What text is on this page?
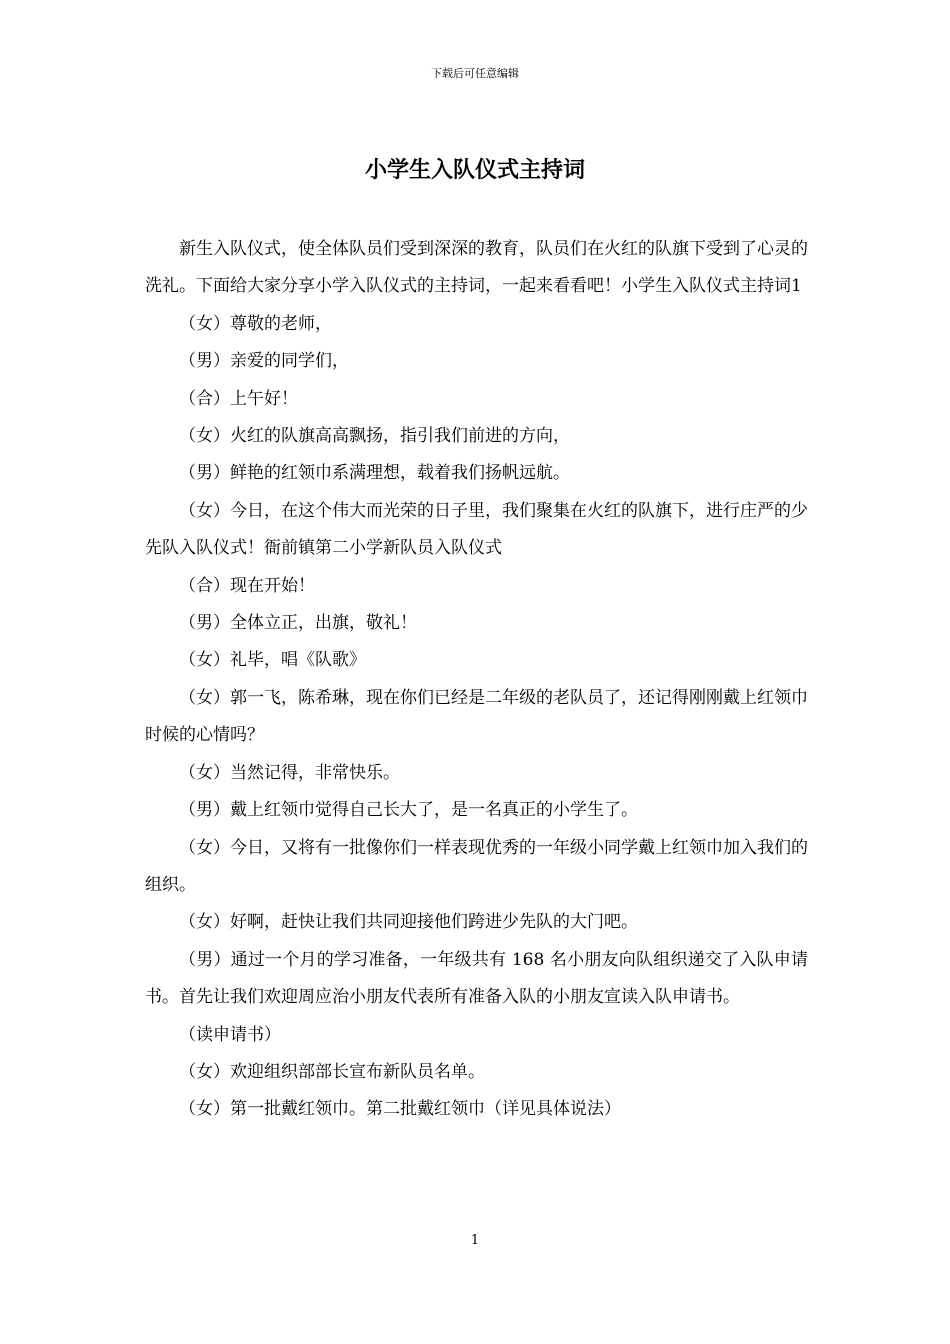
下载后可任意编辑
小学生入队仪式主持词

新生入队仪式，使全体队员们受到深深的教育，队员们在火红的队旗下受到了心灵的洗礼。下面给大家分享小学入队仪式的主持词，一起来看看吧！小学生入队仪式主持词1

（女）尊敬的老师，

（男）亲爱的同学们，

（合）上午好！

（女）火红的队旗高高飘扬，指引我们前进的方向，

（男）鲜艳的红领巾系满理想，载着我们扬帆远航。

（女）今日，在这个伟大而光荣的日子里，我们聚集在火红的队旗下，进行庄严的少先队入队仪式！衙前镇第二小学新队员入队仪式

（合）现在开始！

（男）全体立正，出旗，敬礼！

（女）礼毕，唱《队歌》

（女）郭一飞，陈希琳，现在你们已经是二年级的老队员了，还记得刚刚戴上红领巾时候的心情吗？

（女）当然记得，非常快乐。

（男）戴上红领巾觉得自己长大了，是一名真正的小学生了。

（女）今日，又将有一批像你们一样表现优秀的一年级小同学戴上红领巾加入我们的组织。

（女）好啊，赶快让我们共同迎接他们跨进少先队的大门吧。

（男）通过一个月的学习准备，一年级共有 168 名小朋友向队组织递交了入队申请书。首先让我们欢迎周应治小朋友代表所有准备入队的小朋友宣读入队申请书。

（读申请书）

（女）欢迎组织部部长宣布新队员名单。

（女）第一批戴红领巾。第二批戴红领巾（详见具体说法）

1
